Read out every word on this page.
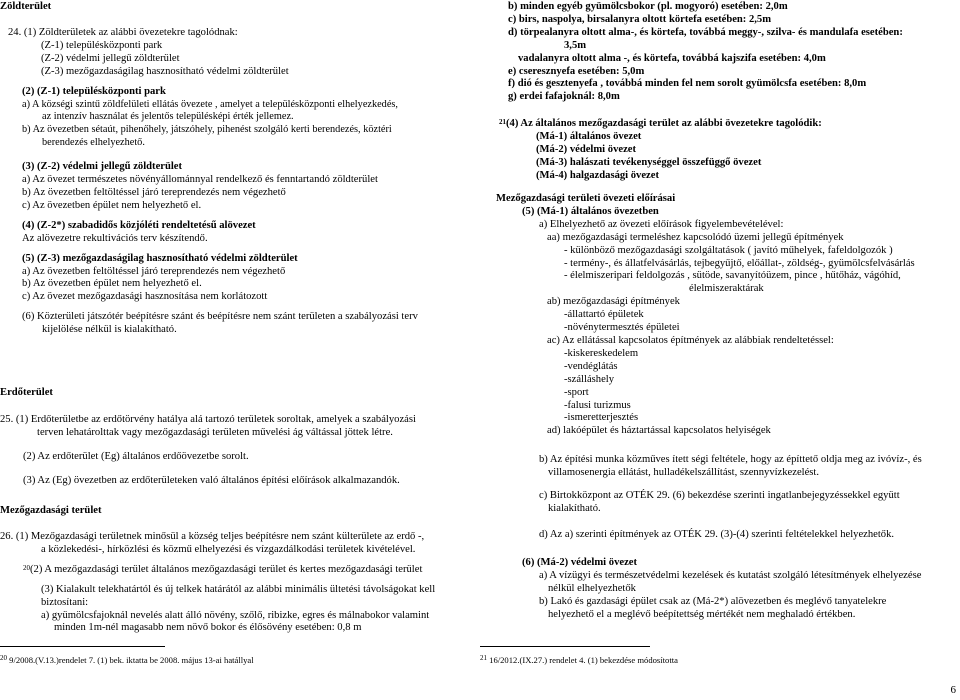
Zöldterület
24. (1) Zöldterületek az alábbi övezetekre tagolódnak:
(Z-1) településközponti park
(Z-2) védelmi jellegű zöldterület
(Z-3) mezőgazdaságilag hasznosítható védelmi zöldterület
(2) (Z-1) településközponti park
a) A községi szintű zöldfelületi ellátás övezete , amelyet a településközponti elhelyezkedés,
az intenzív használat és jelentős településképi érték jellemez.
b) Az övezetben sétaút, pihenőhely, játszóhely, pihenést szolgáló kerti berendezés, köztéri
berendezés elhelyezhető.
(3) (Z-2) védelmi jellegű zöldterület
a) Az övezet természetes növényállománnyal rendelkező és fenntartandó zöldterület
b) Az övezetben feltöltéssel járó tereprendezés nem végezhető
c) Az övezetben épület nem helyezhető el.
(4) (Z-2*) szabadidős közjóléti rendeltetésű alövezet
Az alövezetre rekultivációs terv készítendő.
(5) (Z-3) mezőgazdaságilag hasznosítható védelmi zöldterület
a) Az övezetben feltöltéssel járó tereprendezés nem végezhető
b) Az övezetben épület nem helyezhető el.
c) Az övezet mezőgazdasági hasznosítása nem korlátozott
(6) Közterületi játszótér beépítésre szánt és beépítésre nem szánt területen a szabályozási terv
kijelölése nélkül is kialakítható.
Erdőterület
25. (1) Erdőterületbe az erdőtörvény hatálya alá tartozó területek soroltak, amelyek a szabályozási
terven lehatárolttak vagy mezőgazdasági területen művelési ág váltással jöttek létre.
(2) Az erdőterület (Eg) általános erdőövezetbe sorolt.
(3) Az (Eg) övezetben az erdőterületeken való általános építési előírások alkalmazandók.
Mezőgazdasági terület
26. (1) Mezőgazdasági területnek minősül a község teljes beépítésre nem szánt külterülete az erdő -,
a közlekedési-, hírközlési és közmű elhelyezési és vízgazdálkodási területek kivételével.
$^{20}$(2) A mezőgazdasági terület általános mezőgazdasági terület és kertes mezőgazdasági terület
(3) Kialakult telekhatártól és új telkek határától az alábbi minimális ültetési távolságokat kell
biztosítani:
a) gyümölcsfajoknál nevelés alatt álló növény, szőlő, ribizke, egres és málnabokor valamint
minden 1m-nél magasabb nem növő bokor és élősövény esetében: 0,8 m
b) minden egyéb gyümölcsbokor (pl. mogyoró) esetében: 2,0m
c) birs, naspolya, birsalanyra oltott körtefa esetében: 2,5m
d) törpealanyra oltott alma-, és körtefa, továbbá meggy-, szilva- és mandulafa esetében:
3,5m
vadalanyra oltott alma -, és körtefa, továbbá kajszifa esetében: 4,0m
e) cseresznyefa esetében: 5,0m
f) dió és gesztenyefa , továbbá minden fel nem sorolt gyümölcsfa esetében: 8,0m
g) erdei fafajoknál: 8,0m
$^{21}$(4) Az általános mezőgazdasági terület az alábbi övezetekre tagolódik:
(Má-1) általános övezet
(Má-2) védelmi övezet
(Má-3) halászati tevékenységgel összefüggő övezet
(Má-4) halgazdasági övezet
Mezőgazdasági területi övezeti előírásai
(5) (Má-1) általános övezetben
a) Elhelyezhető az övezeti előírások figyelembevételével:
aa) mezőgazdasági termeléshez kapcsolódó üzemi jellegű építmények
- különböző mezőgazdasági szolgáltatások ( javító műhelyek, fafeldolgozók )
- termény-, és állatfelvásárlás, tejbegyűjtő, előállat-, zöldség-, gyümölcsfelvásárlás
- élelmiszeripari feldolgozás , sütöde, savanyítóüzem, pince , hűtőház, vágóhíd,
élelmiszeraktárak
ab) mezőgazdasági építmények
-állattartó épületek
-növénytermesztés épületei
ac) Az ellátással kapcsolatos építmények az alábbiak rendeltetéssel:
-kiskereskedelem
-vendéglátás
-szálláshely
-sport
-falusi turizmus
-ismeretterjesztés
ad) lakóépület és háztartással kapcsolatos helyiségek
b) Az építési munka közműves ített ségi feltétele, hogy az építtető oldja meg az ivóvíz-, és
villamosenergia ellátást, hulladékelszállítást, szennyvízkezelést.
c) Birtokközpont az OTÉK 29. (6) bekezdése szerinti ingatlanbejegyzéssekkel együtt
kialakítható.
d) Az a) szerinti építmények az OTÉK 29. (3)-(4) szerinti feltételekkel helyezhetők.
(6) (Má-2) védelmi övezet
a) A vízügyi és természetvédelmi kezelések és kutatást szolgáló létesítmények elhelyezése
nélkül elhelyezhetők
b) Lakó és gazdasági épület csak az (Má-2*) alövezetben és meglévő tanyatelekre
helyezhető el a meglévő beépítettség mértékét nem meghaladó értékben.
$^{20}$ 9/2008.(V.13.)rendelet 7. (1) bek. iktatta be 2008. május 13-ai hatállyal	$^{21}$ 16/2012.(IX.27.) rendelet 4. (1) bekezdése módosította
6
